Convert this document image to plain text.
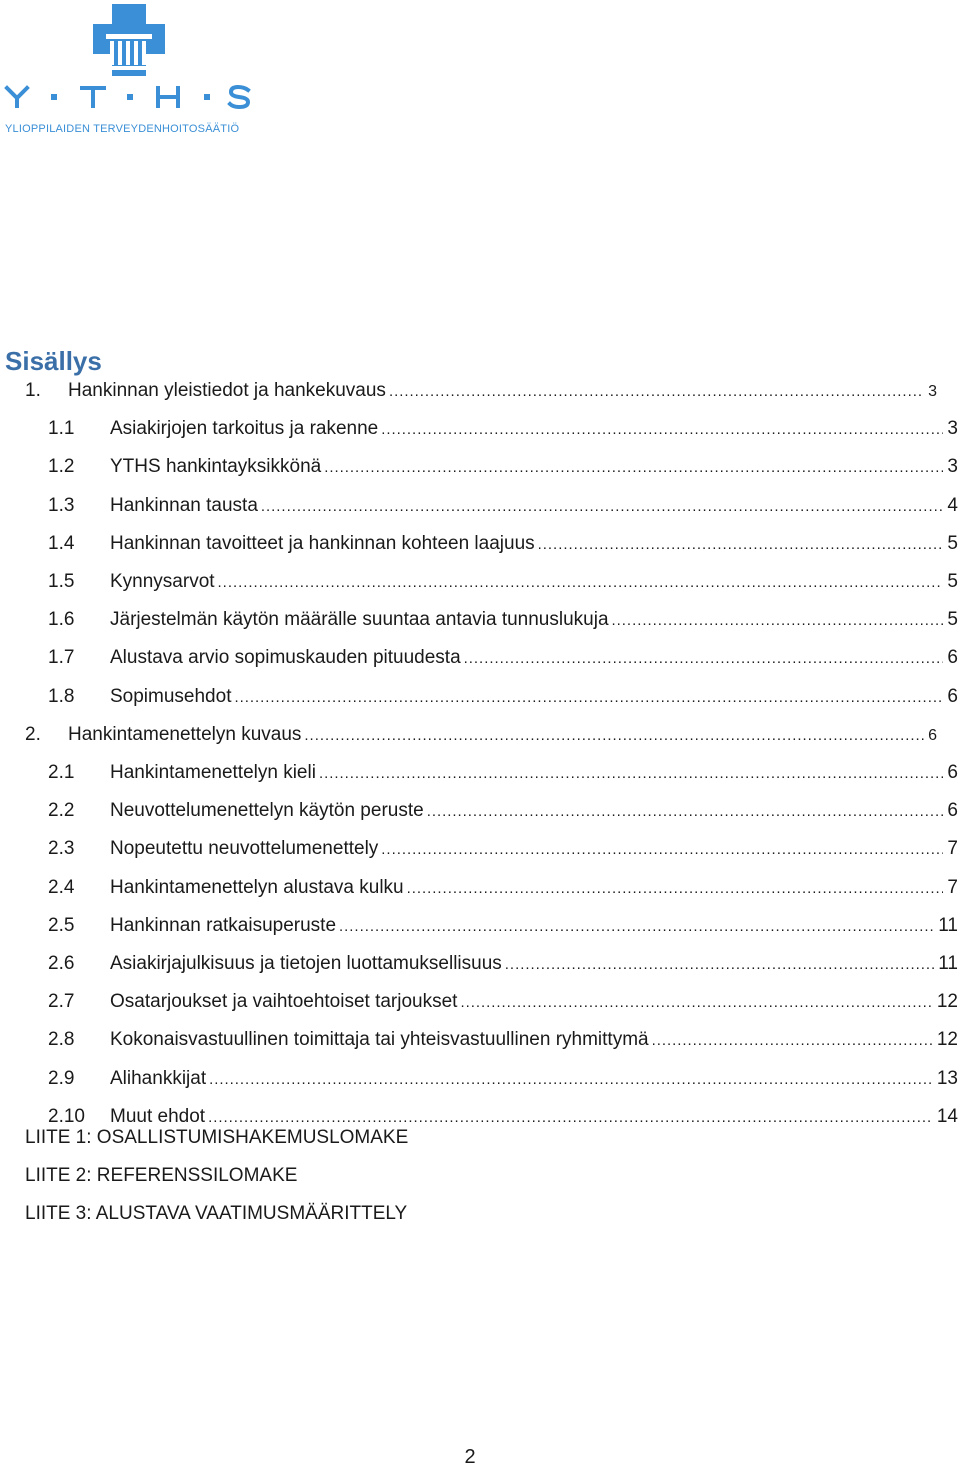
YLIOPPILAIDEN TERVEYDENHOITOSÄÄTIÖ
Sisällys
1.	Hankinnan yleistiedot ja hankekuvaus . . .	3
1.1	Asiakirjojen tarkoitus ja rakenne . . .	3
1.2	YTHS hankintayksikkönä . . .	3
1.3	Hankinnan tausta . . .	4
1.4	Hankinnan tavoitteet ja hankinnan kohteen laajuus . . .	5
1.5	Kynnysarvot . . .	5
1.6	Järjestelmän käytön määrälle suuntaa antavia tunnuslukuja . . .	5
1.7	Alustava arvio sopimuskauden pituudesta . . .	6
1.8	Sopimusehdot . . .	6
2.	Hankintamenettelyn kuvaus . . .	6
2.1	Hankintamenettelyn kieli . . .	6
2.2	Neuvottelumenettelyn käytön peruste . . .	6
2.3	Nopeutettu neuvottelumenettely . . .	7
2.4	Hankintamenettelyn alustava kulku . . .	7
2.5	Hankinnan ratkaisuperuste . . .	11
2.6	Asiakirjajulkisuus ja tietojen luottamuksellisuus . . .	11
2.7	Osatarjoukset ja vaihtoehtoiset tarjoukset . . .	12
2.8	Kokonaisvastuullinen toimittaja tai yhteisvastuullinen ryhmittymä . . .	12
2.9	Alihankkijat . . .	13
2.10	Muut ehdot . . .	14
LIITE 1: OSALLISTUMISHAKEMUSLOMAKE
LIITE 2: REFERENSSILOMAKE
LIITE 3: ALUSTAVA VAATIMUSMÄÄRITTELY
2
